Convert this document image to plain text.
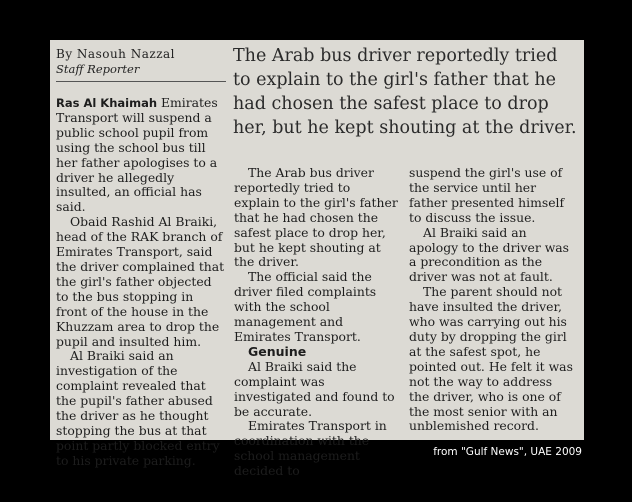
By Nasouh Nazzal
Staff Reporter
The Arab bus driver reportedly tried to explain to the girl's father that he had chosen the safest place to drop her, but he kept shouting at the driver.

Ras Al Khaimah Emirates Transport will suspend a public school pupil from using the school bus till her father apologises to a driver he allegedly insulted, an official has said.

Obaid Rashid Al Braiki, head of the RAK branch of Emirates Transport, said the driver complained that the girl's father objected to the bus stopping in front of the house in the Khuzzam area to drop the pupil and insulted him.

Al Braiki said an investigation of the complaint revealed that the pupil's father abused the driver as he thought stopping the bus at that point partly blocked entry to his private parking.

The Arab bus driver reportedly tried to explain to the girl's father that he had chosen the safest place to drop her, but he kept shouting at the driver.

The official said the driver filed complaints with the school management and Emirates Transport.

Genuine

Al Braiki said the complaint was investigated and found to be accurate.

Emirates Transport in coordination with the school management decided to

suspend the girl's use of the service until her father presented himself to discuss the issue.

Al Braiki said an apology to the driver was a precondition as the driver was not at fault.

The parent should not have insulted the driver, who was carrying out his duty by dropping the girl at the safest spot, he pointed out. He felt it was not the way to address the driver, who is one of the most senior with an unblemished record.

from "Gulf News", UAE 2009
